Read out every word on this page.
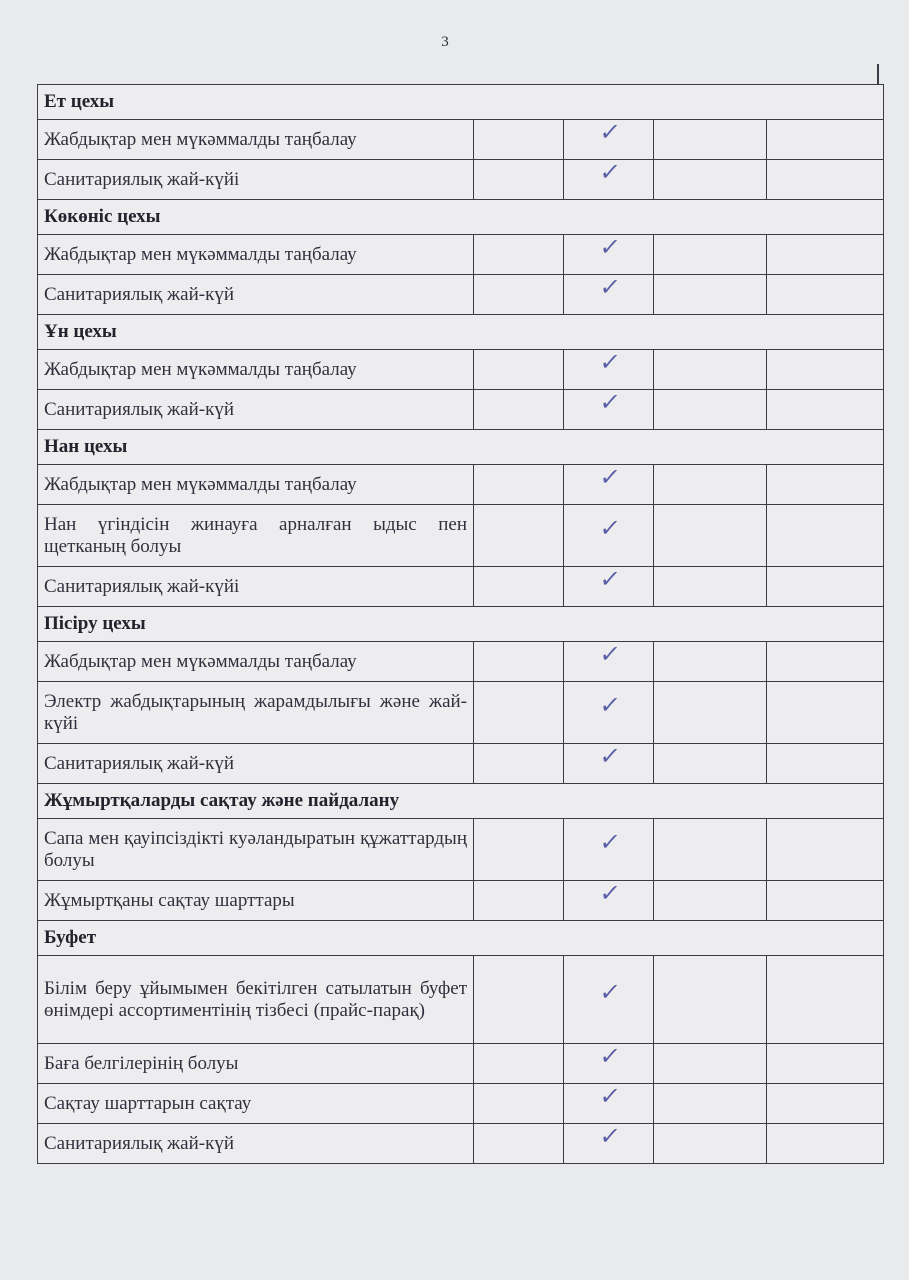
3
Ет цехы				
Жабдықтар мен мүкәммалды таңбалау		✓		
Санитариялық жай-күйі		✓		
Көкөніс цехы				
Жабдықтар мен мүкәммалды таңбалау		✓		
Санитариялық жай-күй		✓		
Ұн цехы				
Жабдықтар мен мүкәммалды таңбалау		✓		
Санитариялық жай-күй		✓		
Нан цехы				
Жабдықтар мен мүкәммалды таңбалау		✓		
Нан үгіндісін жинауға арналған ыдыс пен щетканың болуы		✓		
Санитариялық жай-күйі		✓		
Пісіру цехы				
Жабдықтар мен мүкәммалды таңбалау		✓		
Электр жабдықтарының жарамдылығы және жай-күйі		✓		
Санитариялық жай-күй		✓		
Жұмыртқаларды сақтау және пайдалану				
Сапа мен қауіпсіздікті куәландыратын құжаттардың болуы		✓		
Жұмыртқаны сақтау шарттары		✓		
Буфет				
Білім беру ұйымымен бекітілген сатылатын буфет өнімдері ассортиментінің тізбесі (прайс-парақ)		✓		
Баға белгілерінің болуы		✓		
Сақтау шарттарын сақтау		✓		
Санитариялық жай-күй		✓		
